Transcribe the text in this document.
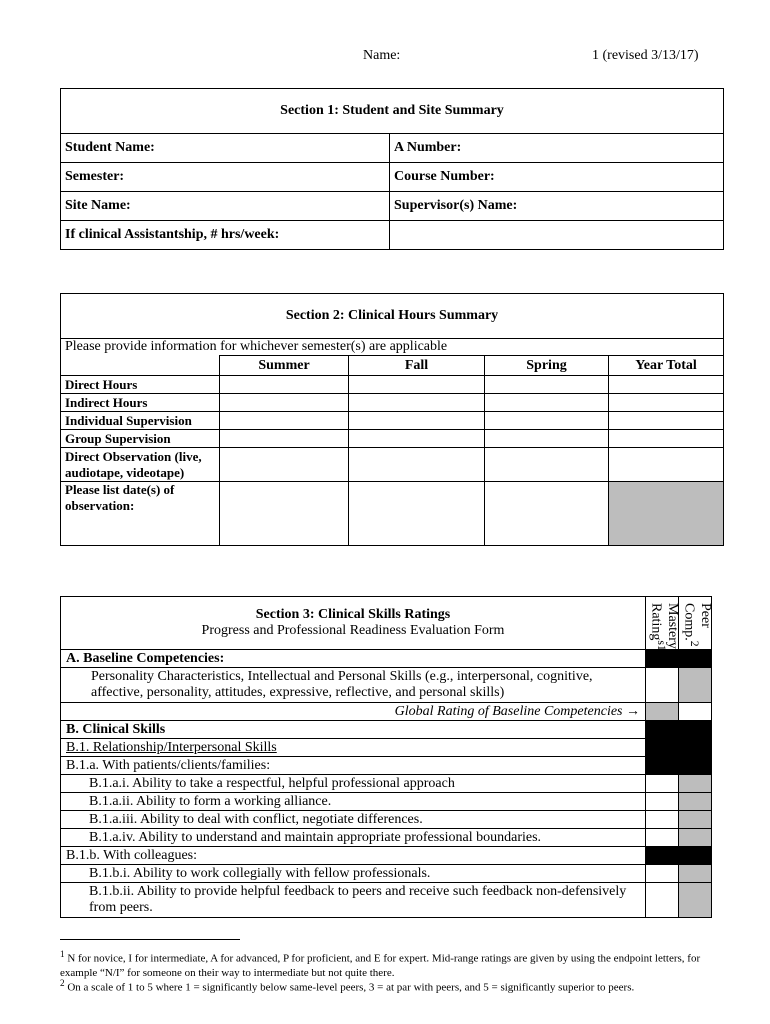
Name:	1 (revised 3/13/17)
Section 1: Student and Site Summary	
Student Name:	A Number:
Semester:	Course Number:
Site Name:	Supervisor(s) Name:
If clinical Assistantship, # hrs/week:	
Section 2: Clinical Hours Summary				
Please provide information for whichever semester(s) are applicable				
	Summer	Fall	Spring	Year Total
Direct Hours				
Indirect Hours				
Individual Supervision				
Group Supervision				
Direct Observation (live, audiotape, videotape)				
Please list date(s) of observation:				
Section 3: Clinical Skills Ratings
Progress and Professional Readiness Evaluation Form	Mastery Rating$^{s1}$	Peer Comp.$^2$
A. Baseline Competencies:		
Personality Characteristics, Intellectual and Personal Skills (e.g., interpersonal, cognitive, affective, personality, attitudes, expressive, reflective, and personal skills)		
Global Rating of Baseline Competencies →		
B. Clinical Skills		
B.1. Relationship/Interpersonal Skills		
B.1.a. With patients/clients/families:		
B.1.a.i. Ability to take a respectful, helpful professional approach		
B.1.a.ii. Ability to form a working alliance.		
B.1.a.iii. Ability to deal with conflict, negotiate differences.		
B.1.a.iv. Ability to understand and maintain appropriate professional boundaries.		
B.1.b. With colleagues:		
B.1.b.i. Ability to work collegially with fellow professionals.		
B.1.b.ii. Ability to provide helpful feedback to peers and receive such feedback non-defensively from peers.		
$^1$ N for novice, I for intermediate, A for advanced, P for proficient, and E for expert. Mid-range ratings are given by using the endpoint letters, for example “N/I” for someone on their way to intermediate but not quite there.
$^2$ On a scale of 1 to 5 where 1 = significantly below same-level peers, 3 = at par with peers, and 5 = significantly superior to peers.
